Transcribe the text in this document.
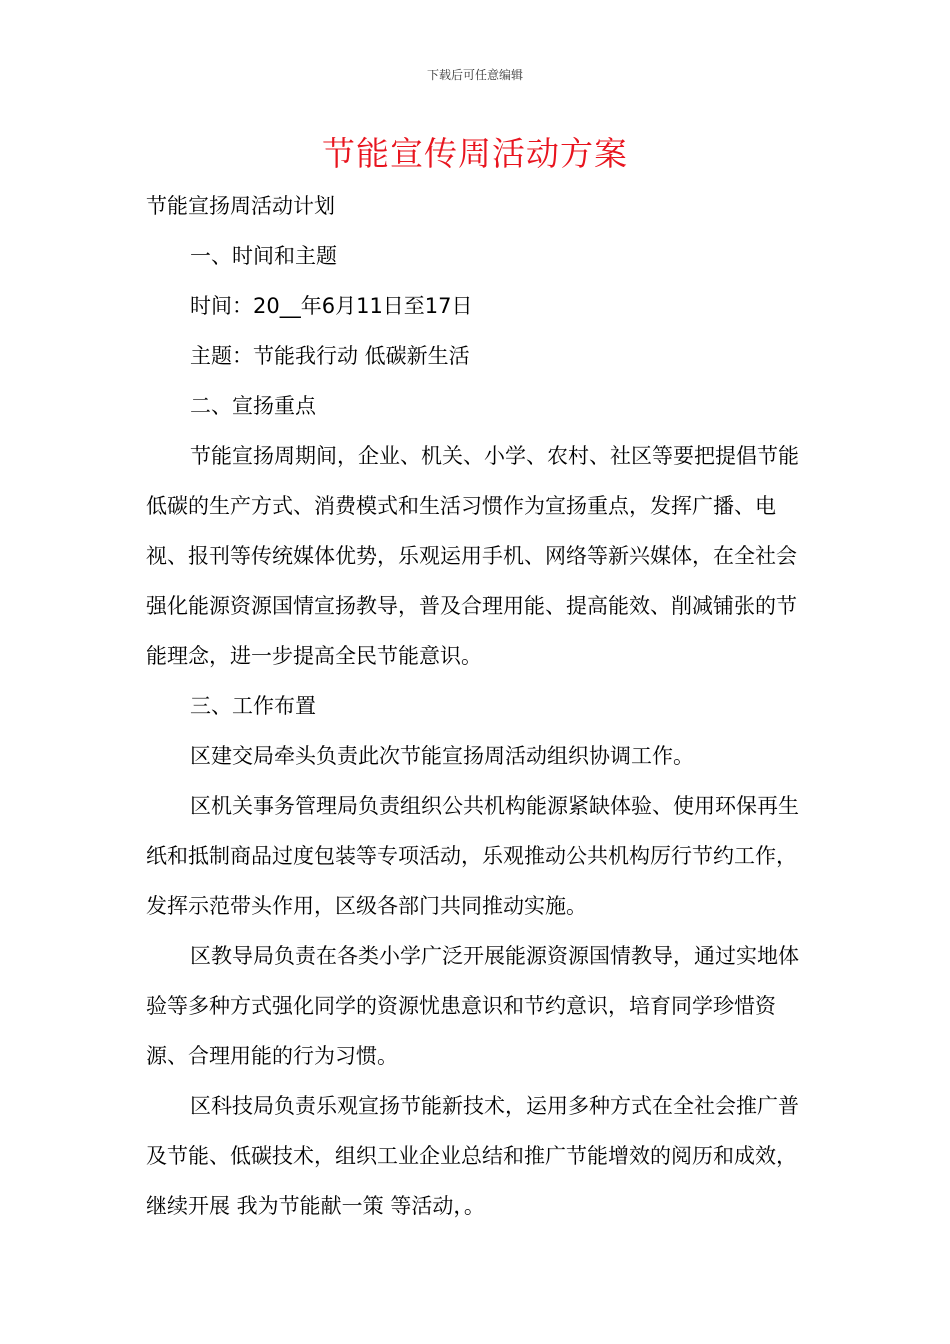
下载后可任意编辑
节能宣传周活动方案

节能宣扬周活动计划

一、时间和主题

时间：20__年6月11日至17日

主题：节能我行动 低碳新生活

二、宣扬重点

节能宣扬周期间，企业、机关、小学、农村、社区等要把提倡节能低碳的生产方式、消费模式和生活习惯作为宣扬重点，发挥广播、电视、报刊等传统媒体优势，乐观运用手机、网络等新兴媒体，在全社会强化能源资源国情宣扬教导，普及合理用能、提高能效、削减铺张的节能理念，进一步提高全民节能意识。

三、工作布置

区建交局牵头负责此次节能宣扬周活动组织协调工作。

区机关事务管理局负责组织公共机构能源紧缺体验、使用环保再生纸和抵制商品过度包装等专项活动，乐观推动公共机构厉行节约工作，发挥示范带头作用，区级各部门共同推动实施。

区教导局负责在各类小学广泛开展能源资源国情教导，通过实地体验等多种方式强化同学的资源忧患意识和节约意识，培育同学珍惜资源、合理用能的行为习惯。

区科技局负责乐观宣扬节能新技术，运用多种方式在全社会推广普及节能、低碳技术，组织工业企业总结和推广节能增效的阅历和成效，继续开展 我为节能献一策 等活动，。
